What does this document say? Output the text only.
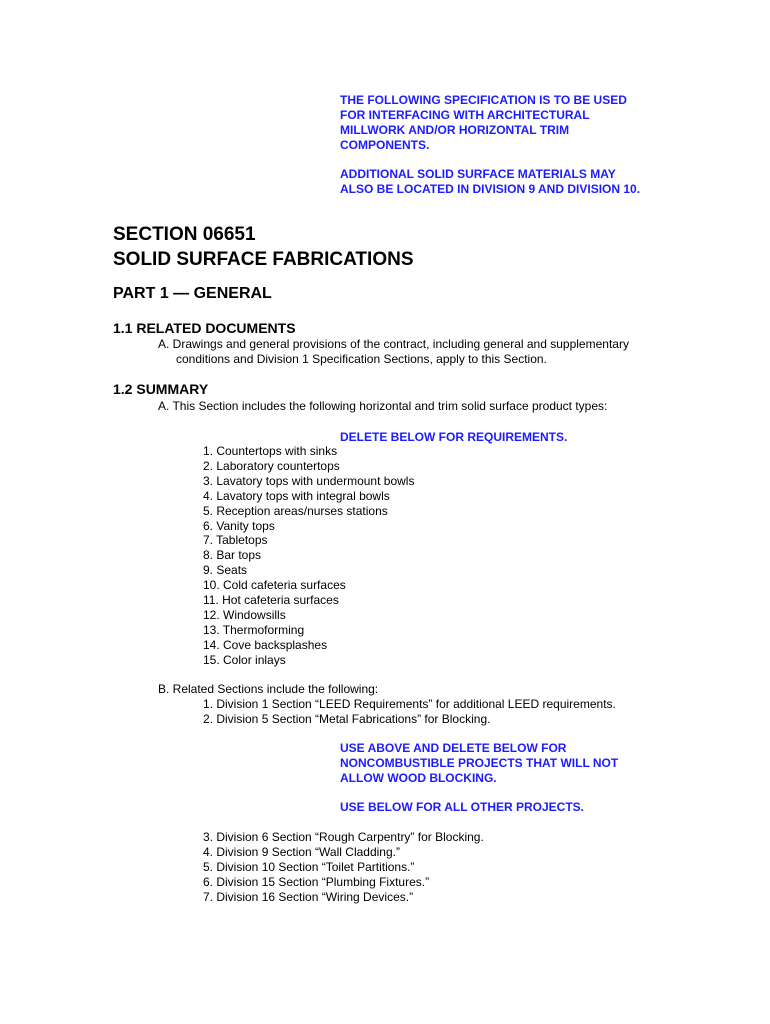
THE FOLLOWING SPECIFICATION IS TO BE USED
FOR INTERFACING WITH ARCHITECTURAL
MILLWORK AND/OR HORIZONTAL TRIM
COMPONENTS.
ADDITIONAL SOLID SURFACE MATERIALS MAY
ALSO BE LOCATED IN DIVISION 9 AND DIVISION 10.
SECTION 06651
SOLID SURFACE FABRICATIONS
PART 1 — GENERAL
1.1 RELATED DOCUMENTS
A. Drawings and general provisions of the contract, including general and supplementary
conditions and Division 1 Specification Sections, apply to this Section.
1.2 SUMMARY
A. This Section includes the following horizontal and trim solid surface product types:
DELETE BELOW FOR REQUIREMENTS.
1. Countertops with sinks
2. Laboratory countertops
3. Lavatory tops with undermount bowls
4. Lavatory tops with integral bowls
5. Reception areas/nurses stations
6. Vanity tops
7. Tabletops
8. Bar tops
9. Seats
10. Cold cafeteria surfaces
11. Hot cafeteria surfaces
12. Windowsills
13. Thermoforming
14. Cove backsplashes
15. Color inlays
B. Related Sections include the following:
1. Division 1 Section “LEED Requirements” for additional LEED requirements.
2. Division 5 Section “Metal Fabrications” for Blocking.
USE ABOVE AND DELETE BELOW FOR
NONCOMBUSTIBLE PROJECTS THAT WILL NOT
ALLOW WOOD BLOCKING.
USE BELOW FOR ALL OTHER PROJECTS.
3. Division 6 Section “Rough Carpentry” for Blocking.
4. Division 9 Section “Wall Cladding.”
5. Division 10 Section “Toilet Partitions.”
6. Division 15 Section “Plumbing Fixtures.”
7. Division 16 Section “Wiring Devices.”
